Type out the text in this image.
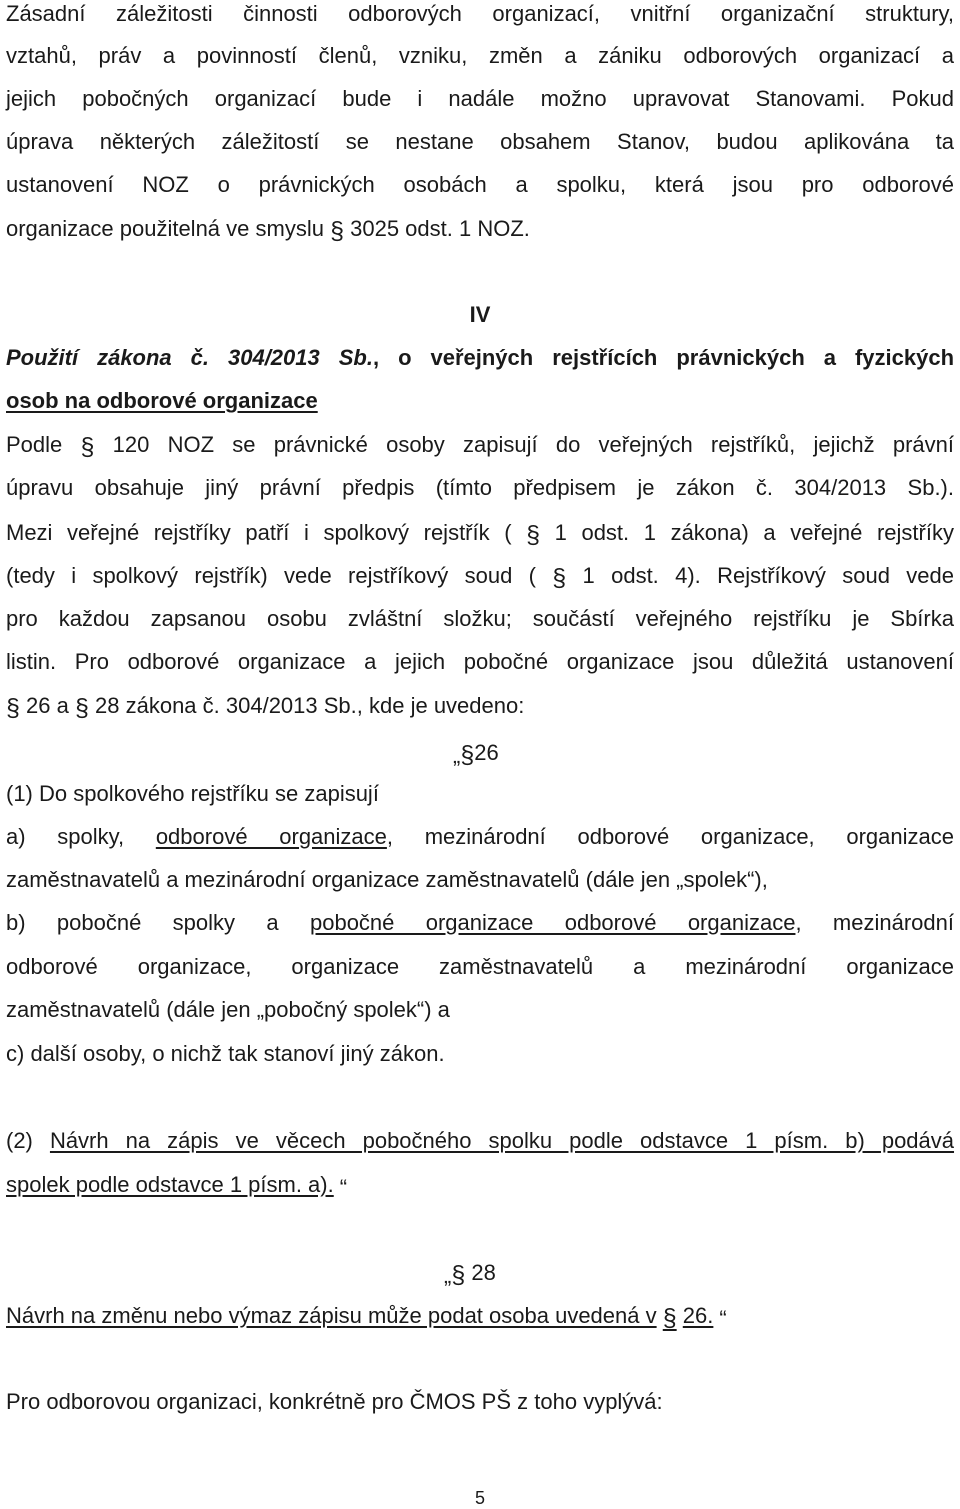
Zásadní záležitosti činnosti odborových organizací, vnitřní organizační struktury,
vztahů, práv a povinností členů, vzniku, změn a zániku odborových organizací a
jejich pobočných organizací bude i nadále možno upravovat Stanovami. Pokud
úprava některých záležitostí se nestane obsahem Stanov, budou aplikována ta
ustanovení NOZ o právnických osobách a spolku, která jsou pro odborové
organizace použitelná ve smyslu § 3025 odst. 1 NOZ.
IV
Použití zákona č. 304/2013 Sb., o veřejných rejstřících právnických a fyzických
osob na odborové organizace
Podle § 120 NOZ se právnické osoby zapisují do veřejných rejstříků, jejichž právní
úpravu obsahuje jiný právní předpis (tímto předpisem je zákon č. 304/2013 Sb.).
Mezi veřejné rejstříky patří i spolkový rejstřík ( § 1 odst. 1 zákona) a veřejné rejstříky
(tedy i spolkový rejstřík) vede rejstříkový soud ( § 1 odst. 4). Rejstříkový soud vede
pro každou zapsanou osobu zvláštní složku; součástí veřejného rejstříku je Sbírka
listin. Pro odborové organizace a jejich pobočné organizace jsou důležitá ustanovení
§ 26 a § 28 zákona č. 304/2013 Sb., kde je uvedeno:
„§26
(1) Do spolkového rejstříku se zapisují
a) spolky, odborové organizace, mezinárodní odborové organizace, organizace
zaměstnavatelů a mezinárodní organizace zaměstnavatelů (dále jen „spolek“),
b) pobočné spolky a pobočné organizace odborové organizace, mezinárodní
odborové organizace, organizace zaměstnavatelů a mezinárodní organizace
zaměstnavatelů (dále jen „pobočný spolek“) a
c) další osoby, o nichž tak stanoví jiný zákon.
(2) Návrh na zápis ve věcech pobočného spolku podle odstavce 1 písm. b) podává
spolek podle odstavce 1 písm. a). “
„§ 28
Návrh na změnu nebo výmaz zápisu může podat osoba uvedená v § 26. “
Pro odborovou organizaci, konkrétně pro ČMOS PŠ z toho vyplývá:
5
